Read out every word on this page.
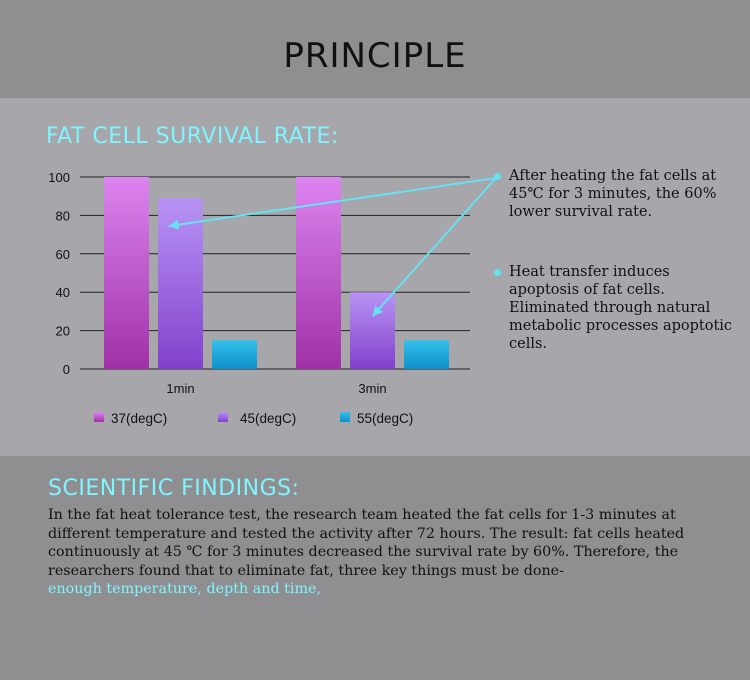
PRINCIPLE
FAT CELL SURVIVAL RATE:
0
20
40
60
80
100
1min	3min
37(degC)	45(degC)	55(degC)
After heating the fat cells at 45℃ for 3 minutes, the 60% lower survival rate.
Heat transfer induces apoptosis of fat cells. Eliminated through natural metabolic processes apoptotic cells.
SCIENTIFIC FINDINGS:
In the fat heat tolerance test, the research team heated the fat cells for 1-3 minutes at different temperature and tested the activity after 72 hours. The result: fat cells heated continuously at 45 ℃ for 3 minutes decreased the survival rate by 60%. Therefore, the researchers found that to eliminate fat, three key things must be done-
enough temperature, depth and time,
